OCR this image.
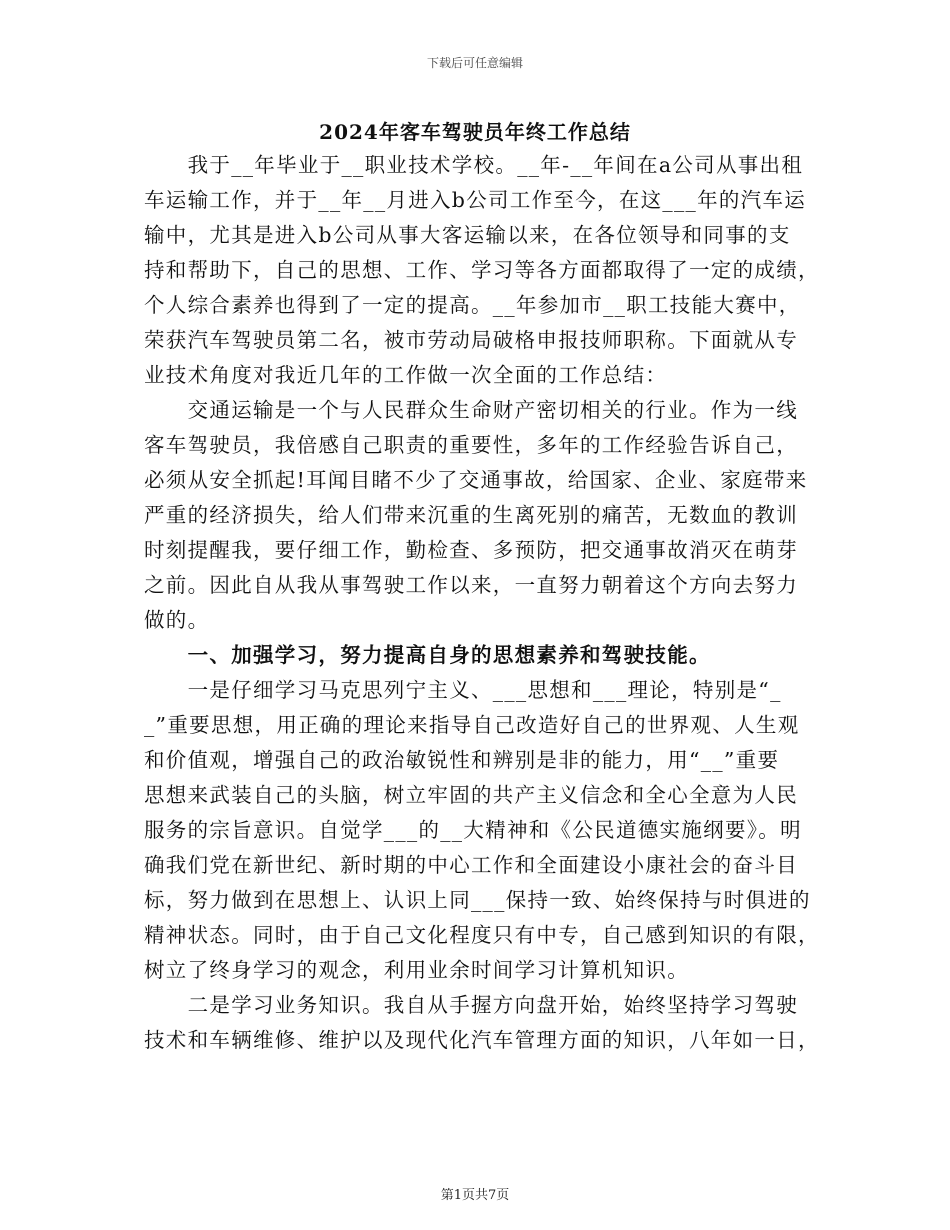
下载后可任意编辑
2024年客车驾驶员年终工作总结
　　我于__年毕业于__职业技术学校。__年-__年间在a公司从事出租
车运输工作，并于__年__月进入b公司工作至今，在这___年的汽车运
输中，尤其是进入b公司从事大客运输以来，在各位领导和同事的支
持和帮助下，自己的思想、工作、学习等各方面都取得了一定的成绩，
个人综合素养也得到了一定的提高。__年参加市__职工技能大赛中，
荣获汽车驾驶员第二名，被市劳动局破格申报技师职称。下面就从专
业技术角度对我近几年的工作做一次全面的工作总结：
　　交通运输是一个与人民群众生命财产密切相关的行业。作为一线
客车驾驶员，我倍感自己职责的重要性，多年的工作经验告诉自己，
必须从安全抓起!耳闻目睹不少了交通事故，给国家、企业、家庭带来
严重的经济损失，给人们带来沉重的生离死别的痛苦，无数血的教训
时刻提醒我，要仔细工作，勤检查、多预防，把交通事故消灭在萌芽
之前。因此自从我从事驾驶工作以来，一直努力朝着这个方向去努力
做的。
　　一、加强学习，努力提高自身的思想素养和驾驶技能。
　　一是仔细学习马克思列宁主义、___思想和___理论，特别是“_
_”重要思想，用正确的理论来指导自己改造好自己的世界观、人生观
和价值观，增强自己的政治敏锐性和辨别是非的能力，用“__”重要
思想来武装自己的头脑，树立牢固的共产主义信念和全心全意为人民
服务的宗旨意识。自觉学___的__大精神和《公民道德实施纲要》。明
确我们党在新世纪、新时期的中心工作和全面建设小康社会的奋斗目
标，努力做到在思想上、认识上同___保持一致、始终保持与时俱进的
精神状态。同时，由于自己文化程度只有中专，自己感到知识的有限，
树立了终身学习的观念，利用业余时间学习计算机知识。
　　二是学习业务知识。我自从手握方向盘开始，始终坚持学习驾驶
技术和车辆维修、维护以及现代化汽车管理方面的知识，八年如一日，
第1页共7页
